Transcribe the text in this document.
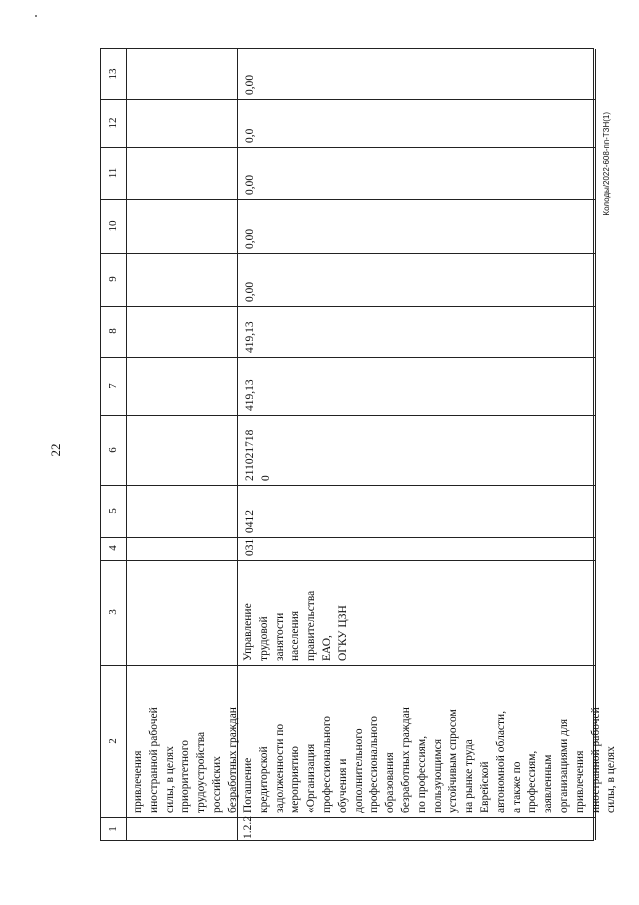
22
Колоды/2022-608-пп-ТЗН(1)
13
12
11
10
9
8
7
6
5
4
3
2
1
привлечения
иностранной рабочей
силы, в целях
приоритетного
трудоустройства
российских
безработных граждан
1.2.2
Погашение
кредиторской
задолженности по
мероприятию
«Организация
профессионального
обучения и
дополнительного
профессионального
образования
безработных граждан
по профессиям,
пользующимся
устойчивым спросом
на рынке труда
Еврейской
автономной области,
а также по
профессиям,
заявленным
организациями для
привлечения
иностранной рабочей
силы, в целях
Управление
трудовой
занятости
населения
правительства
ЕАО,
ОГКУ ЦЗН
031
0412
211021718
0
419,13
419,13
0,00
0,00
0,00
0,0
0,00
